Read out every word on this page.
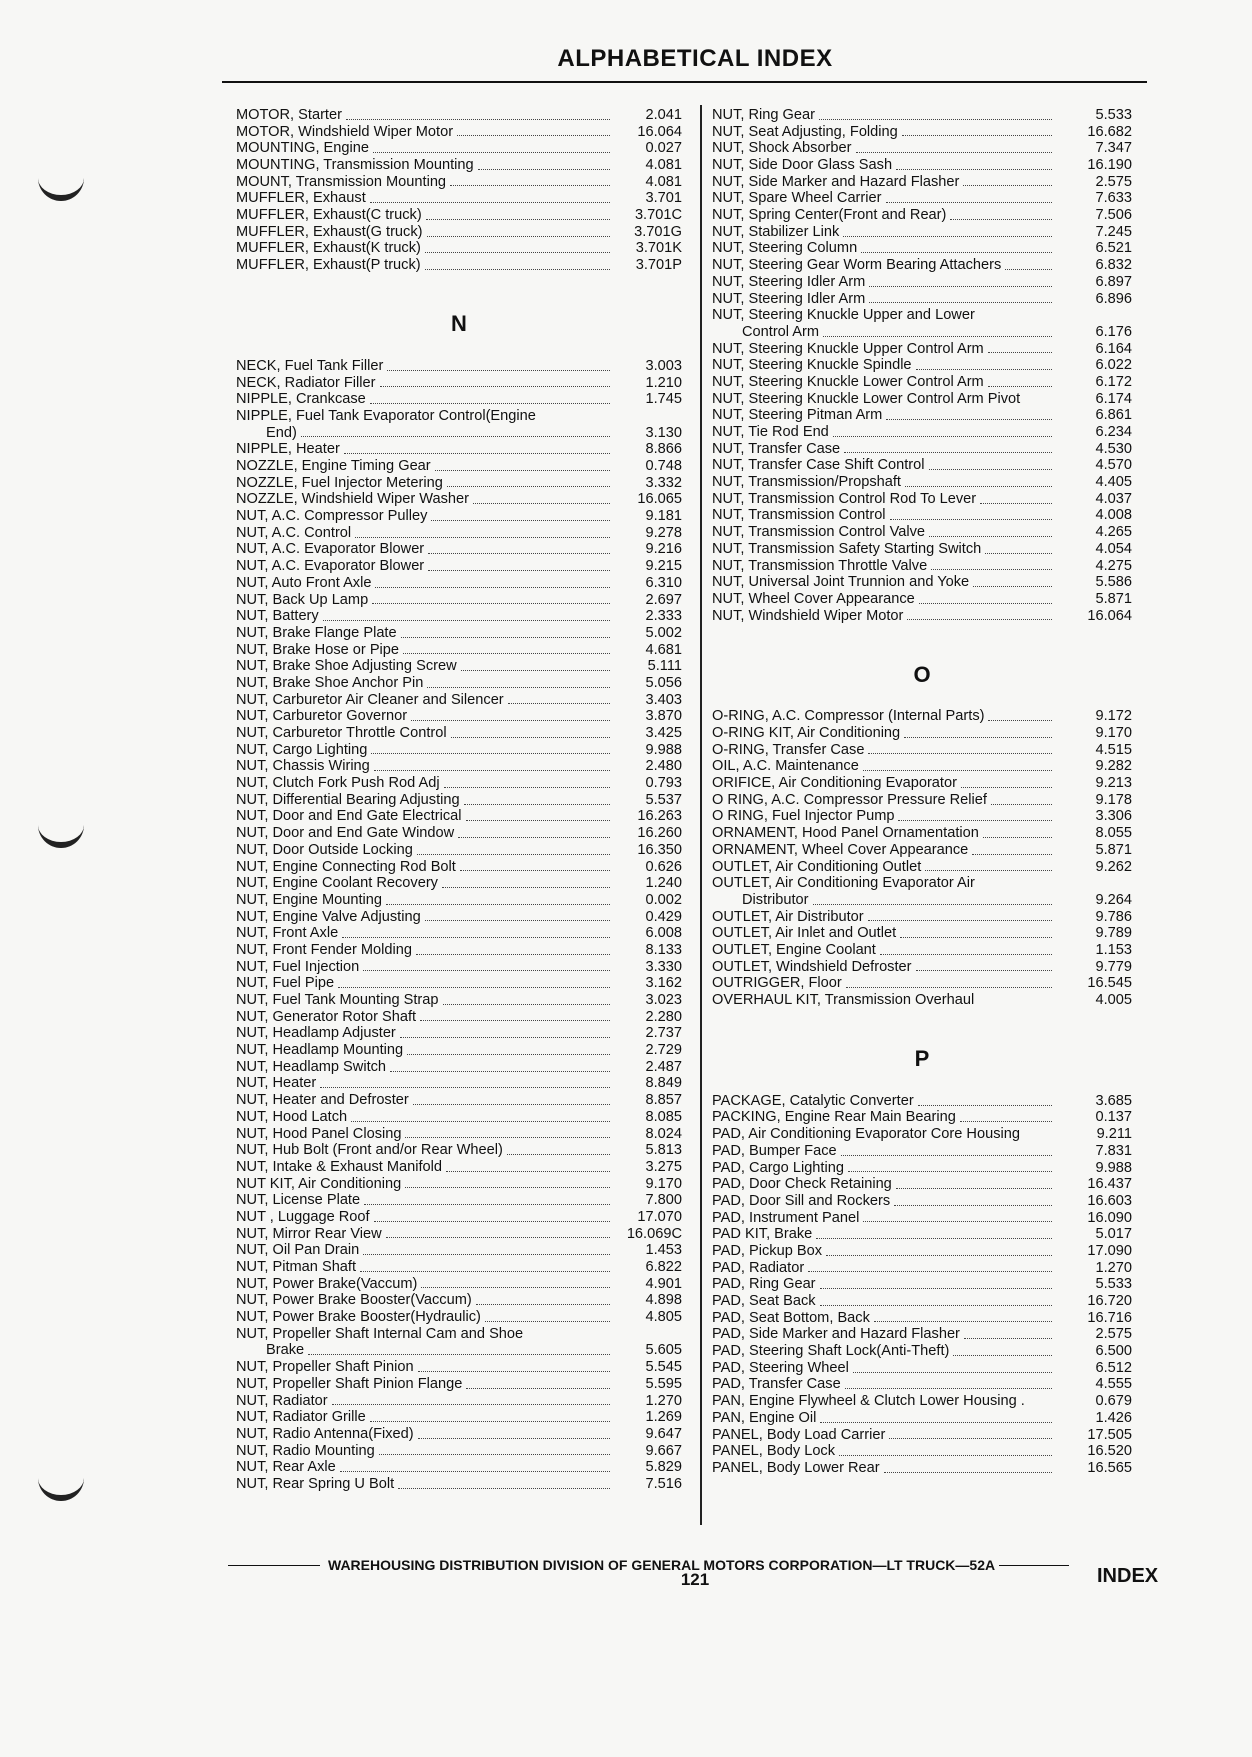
ALPHABETICAL INDEX
MOTOR, Starter	2.041
MOTOR, Windshield Wiper Motor	16.064
MOUNTING, Engine	0.027
MOUNTING, Transmission Mounting	4.081
MOUNT, Transmission Mounting	4.081
MUFFLER, Exhaust	3.701
MUFFLER, Exhaust(C truck)	3.701C
MUFFLER, Exhaust(G truck)	3.701G
MUFFLER, Exhaust(K truck)	3.701K
MUFFLER, Exhaust(P truck)	3.701P
N
NECK, Fuel Tank Filler	3.003
NECK, Radiator Filler	1.210
NIPPLE, Crankcase	1.745
NIPPLE, Fuel Tank Evaporator Control(Engine
End)	3.130
NIPPLE, Heater	8.866
NOZZLE, Engine Timing Gear	0.748
NOZZLE, Fuel Injector Metering	3.332
NOZZLE, Windshield Wiper Washer	16.065
NUT, A.C. Compressor Pulley	9.181
NUT, A.C. Control	9.278
NUT, A.C. Evaporator Blower	9.216
NUT, A.C. Evaporator Blower	9.215
NUT, Auto Front Axle	6.310
NUT, Back Up Lamp	2.697
NUT, Battery	2.333
NUT, Brake Flange Plate	5.002
NUT, Brake Hose or Pipe	4.681
NUT, Brake Shoe Adjusting Screw	5.111
NUT, Brake Shoe Anchor Pin	5.056
NUT, Carburetor Air Cleaner and Silencer	3.403
NUT, Carburetor Governor	3.870
NUT, Carburetor Throttle Control	3.425
NUT, Cargo Lighting	9.988
NUT, Chassis Wiring	2.480
NUT, Clutch Fork Push Rod Adj	0.793
NUT, Differential Bearing Adjusting	5.537
NUT, Door and End Gate Electrical	16.263
NUT, Door and End Gate Window	16.260
NUT, Door Outside Locking	16.350
NUT, Engine Connecting Rod Bolt	0.626
NUT, Engine Coolant Recovery	1.240
NUT, Engine Mounting	0.002
NUT, Engine Valve Adjusting	0.429
NUT, Front Axle	6.008
NUT, Front Fender Molding	8.133
NUT, Fuel Injection	3.330
NUT, Fuel Pipe	3.162
NUT, Fuel Tank Mounting Strap	3.023
NUT, Generator Rotor Shaft	2.280
NUT, Headlamp Adjuster	2.737
NUT, Headlamp Mounting	2.729
NUT, Headlamp Switch	2.487
NUT, Heater	8.849
NUT, Heater and Defroster	8.857
NUT, Hood Latch	8.085
NUT, Hood Panel Closing	8.024
NUT, Hub Bolt (Front and/or Rear Wheel)	5.813
NUT, Intake & Exhaust Manifold	3.275
NUT KIT, Air Conditioning	9.170
NUT, License Plate	7.800
NUT , Luggage Roof	17.070
NUT, Mirror Rear View	16.069C
NUT, Oil Pan Drain	1.453
NUT, Pitman Shaft	6.822
NUT, Power Brake(Vaccum)	4.901
NUT, Power Brake Booster(Vaccum)	4.898
NUT, Power Brake Booster(Hydraulic)	4.805
NUT, Propeller Shaft Internal Cam and Shoe
Brake	5.605
NUT, Propeller Shaft Pinion	5.545
NUT, Propeller Shaft Pinion Flange	5.595
NUT, Radiator	1.270
NUT, Radiator Grille	1.269
NUT, Radio Antenna(Fixed)	9.647
NUT, Radio Mounting	9.667
NUT, Rear Axle	5.829
NUT, Rear Spring U Bolt	7.516
NUT, Ring Gear	5.533
NUT, Seat Adjusting, Folding	16.682
NUT, Shock Absorber	7.347
NUT, Side Door Glass Sash	16.190
NUT, Side Marker and Hazard Flasher	2.575
NUT, Spare Wheel Carrier	7.633
NUT, Spring Center(Front and Rear)	7.506
NUT, Stabilizer Link	7.245
NUT, Steering Column	6.521
NUT, Steering Gear Worm Bearing Attachers	6.832
NUT, Steering Idler Arm	6.897
NUT, Steering Idler Arm	6.896
NUT, Steering Knuckle Upper and Lower
Control Arm	6.176
NUT, Steering Knuckle Upper Control Arm	6.164
NUT, Steering Knuckle Spindle	6.022
NUT, Steering Knuckle Lower Control Arm	6.172
NUT, Steering Knuckle Lower Control Arm Pivot	6.174
NUT, Steering Pitman Arm	6.861
NUT, Tie Rod End	6.234
NUT, Transfer Case	4.530
NUT, Transfer Case Shift Control	4.570
NUT, Transmission/Propshaft	4.405
NUT, Transmission Control Rod To Lever	4.037
NUT, Transmission Control	4.008
NUT, Transmission Control Valve	4.265
NUT, Transmission Safety Starting Switch	4.054
NUT, Transmission Throttle Valve	4.275
NUT, Universal Joint Trunnion and Yoke	5.586
NUT, Wheel Cover Appearance	5.871
NUT, Windshield Wiper Motor	16.064
O
O-RING, A.C. Compressor (Internal Parts)	9.172
O-RING KIT, Air Conditioning	9.170
O-RING, Transfer Case	4.515
OIL, A.C. Maintenance	9.282
ORIFICE, Air Conditioning Evaporator	9.213
O RING, A.C. Compressor Pressure Relief	9.178
O RING, Fuel Injector Pump	3.306
ORNAMENT, Hood Panel Ornamentation	8.055
ORNAMENT, Wheel Cover Appearance	5.871
OUTLET, Air Conditioning Outlet	9.262
OUTLET, Air Conditioning Evaporator Air
Distributor	9.264
OUTLET, Air Distributor	9.786
OUTLET, Air Inlet and Outlet	9.789
OUTLET, Engine Coolant	1.153
OUTLET, Windshield Defroster	9.779
OUTRIGGER, Floor	16.545
OVERHAUL KIT, Transmission Overhaul	4.005
P
PACKAGE, Catalytic Converter	3.685
PACKING, Engine Rear Main Bearing	0.137
PAD, Air Conditioning Evaporator Core Housing	9.211
PAD, Bumper Face	7.831
PAD, Cargo Lighting	9.988
PAD, Door Check Retaining	16.437
PAD, Door Sill and Rockers	16.603
PAD, Instrument Panel	16.090
PAD KIT, Brake	5.017
PAD, Pickup Box	17.090
PAD, Radiator	1.270
PAD, Ring Gear	5.533
PAD, Seat Back	16.720
PAD, Seat Bottom, Back	16.716
PAD, Side Marker and Hazard Flasher	2.575
PAD, Steering Shaft Lock(Anti-Theft)	6.500
PAD, Steering Wheel	6.512
PAD, Transfer Case	4.555
PAN, Engine Flywheel & Clutch Lower Housing .	0.679
PAN, Engine Oil	1.426
PANEL, Body Load Carrier	17.505
PANEL, Body Lock	16.520
PANEL, Body Lower Rear	16.565
WAREHOUSING DISTRIBUTION DIVISION OF GENERAL MOTORS CORPORATION—LT TRUCK—52A
121	INDEX
